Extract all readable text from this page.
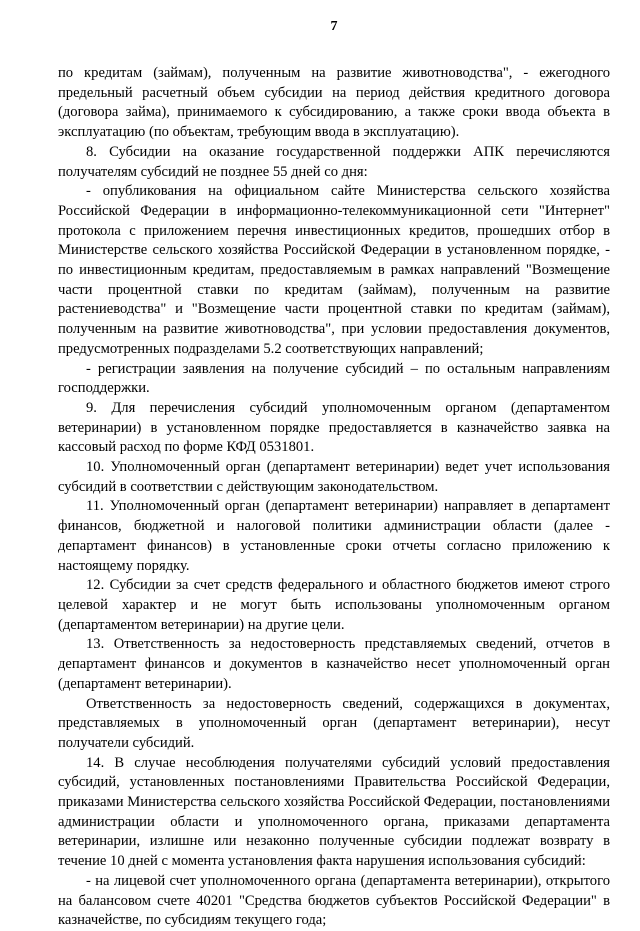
7

по кредитам (займам), полученным на развитие животноводства", - ежегодного предельный расчетный объем субсидии на период действия кредитного договора (договора займа), принимаемого к субсидированию, а также сроки ввода объекта в эксплуатацию (по объектам, требующим ввода в эксплуатацию).

8. Субсидии на оказание государственной поддержки АПК перечисляются получателям субсидий не позднее 55 дней со дня:

- опубликования на официальном сайте Министерства сельского хозяйства Российской Федерации в информационно-телекоммуникационной сети "Интернет" протокола с приложением перечня инвестиционных кредитов, прошедших отбор в Министерстве сельского хозяйства Российской Федерации в установленном порядке, - по инвестиционным кредитам, предоставляемым в рамках направлений "Возмещение части процентной ставки по кредитам (займам), полученным на развитие растениеводства" и "Возмещение части процентной ставки по кредитам (займам), полученным на развитие животноводства", при условии предоставления документов, предусмотренных подразделами 5.2 соответствующих направлений;

- регистрации заявления на получение субсидий – по остальным направлениям господдержки.

9. Для перечисления субсидий уполномоченным органом (департаментом ветеринарии) в установленном порядке предоставляется в казначейство заявка на кассовый расход по форме КФД 0531801.

10. Уполномоченный орган (департамент ветеринарии) ведет учет использования субсидий в соответствии с действующим законодательством.

11. Уполномоченный орган (департамент ветеринарии) направляет в департамент финансов, бюджетной и налоговой политики администрации области (далее - департамент финансов) в установленные сроки отчеты согласно приложению к настоящему порядку.

12. Субсидии за счет средств федерального и областного бюджетов имеют строго целевой характер и не могут быть использованы уполномоченным органом (департаментом ветеринарии) на другие цели.

13. Ответственность за недостоверность представляемых сведений, отчетов в департамент финансов и документов в казначейство несет уполномоченный орган (департамент ветеринарии).

Ответственность за недостоверность сведений, содержащихся в документах, представляемых в уполномоченный орган (департамент ветеринарии), несут получатели субсидий.

14. В случае несоблюдения получателями субсидий условий предоставления субсидий, установленных постановлениями Правительства Российской Федерации, приказами Министерства сельского хозяйства Российской Федерации, постановлениями администрации области и уполномоченного органа, приказами департамента ветеринарии, излишне или незаконно полученные субсидии подлежат возврату в течение 10 дней с момента установления факта нарушения использования субсидий:

- на лицевой счет уполномоченного органа (департамента ветеринарии), открытого на балансовом счете 40201 "Средства бюджетов субъектов Российской Федерации" в казначействе, по субсидиям текущего года;
